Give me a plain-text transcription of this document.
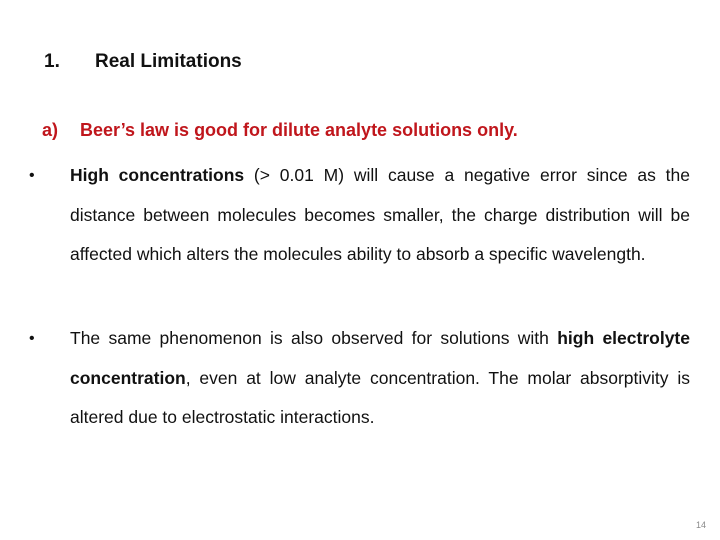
1. Real Limitations
a) Beer’s law is good for dilute analyte solutions only.
• High concentrations (> 0.01 M) will cause a negative error since as the distance between molecules becomes smaller, the charge distribution will be affected which alters the molecules ability to absorb a specific wavelength.
• The same phenomenon is also observed for solutions with high electrolyte concentration, even at low analyte concentration. The molar absorptivity is altered due to electrostatic interactions.
14
